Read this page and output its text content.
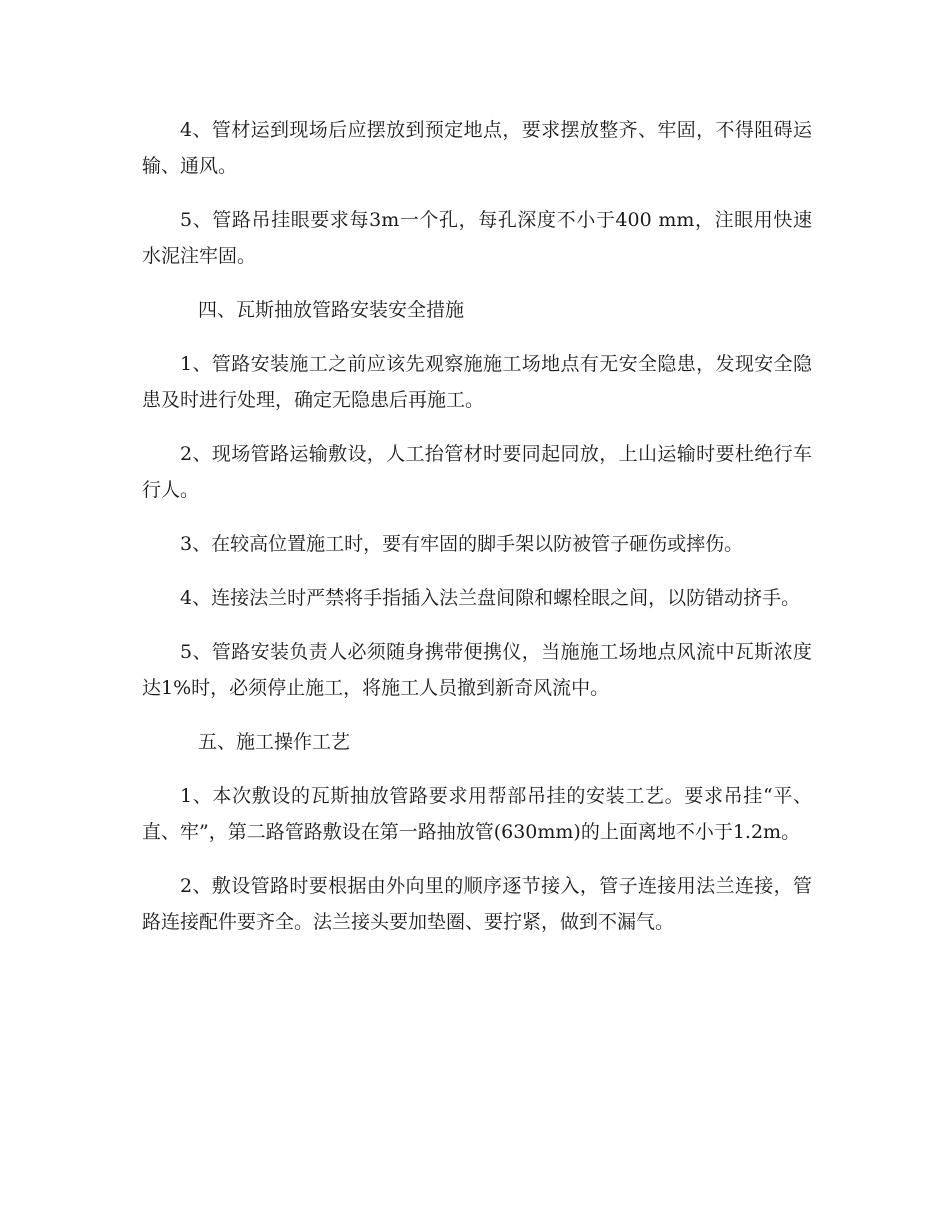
4、管材运到现场后应摆放到预定地点，要求摆放整齐、牢固，不得阻碍运输、通风。

5、管路吊挂眼要求每3m一个孔，每孔深度不小于400 mm，注眼用快速水泥注牢固。

四、瓦斯抽放管路安装安全措施

1、管路安装施工之前应该先观察施施工场地点有无安全隐患，发现安全隐患及时进行处理，确定无隐患后再施工。

2、现场管路运输敷设，人工抬管材时要同起同放，上山运输时要杜绝行车行人。

3、在较高位置施工时，要有牢固的脚手架以防被管子砸伤或摔伤。

4、连接法兰时严禁将手指插入法兰盘间隙和螺栓眼之间，以防错动挤手。

5、管路安装负责人必须随身携带便携仪，当施施工场地点风流中瓦斯浓度达1%时，必须停止施工，将施工人员撤到新奇风流中。

五、施工操作工艺

1、本次敷设的瓦斯抽放管路要求用帮部吊挂的安装工艺。要求吊挂“平、直、牢”，第二路管路敷设在第一路抽放管(630mm)的上面离地不小于1.2m。

2、敷设管路时要根据由外向里的顺序逐节接入，管子连接用法兰连接，管路连接配件要齐全。法兰接头要加垫圈、要拧紧，做到不漏气。
